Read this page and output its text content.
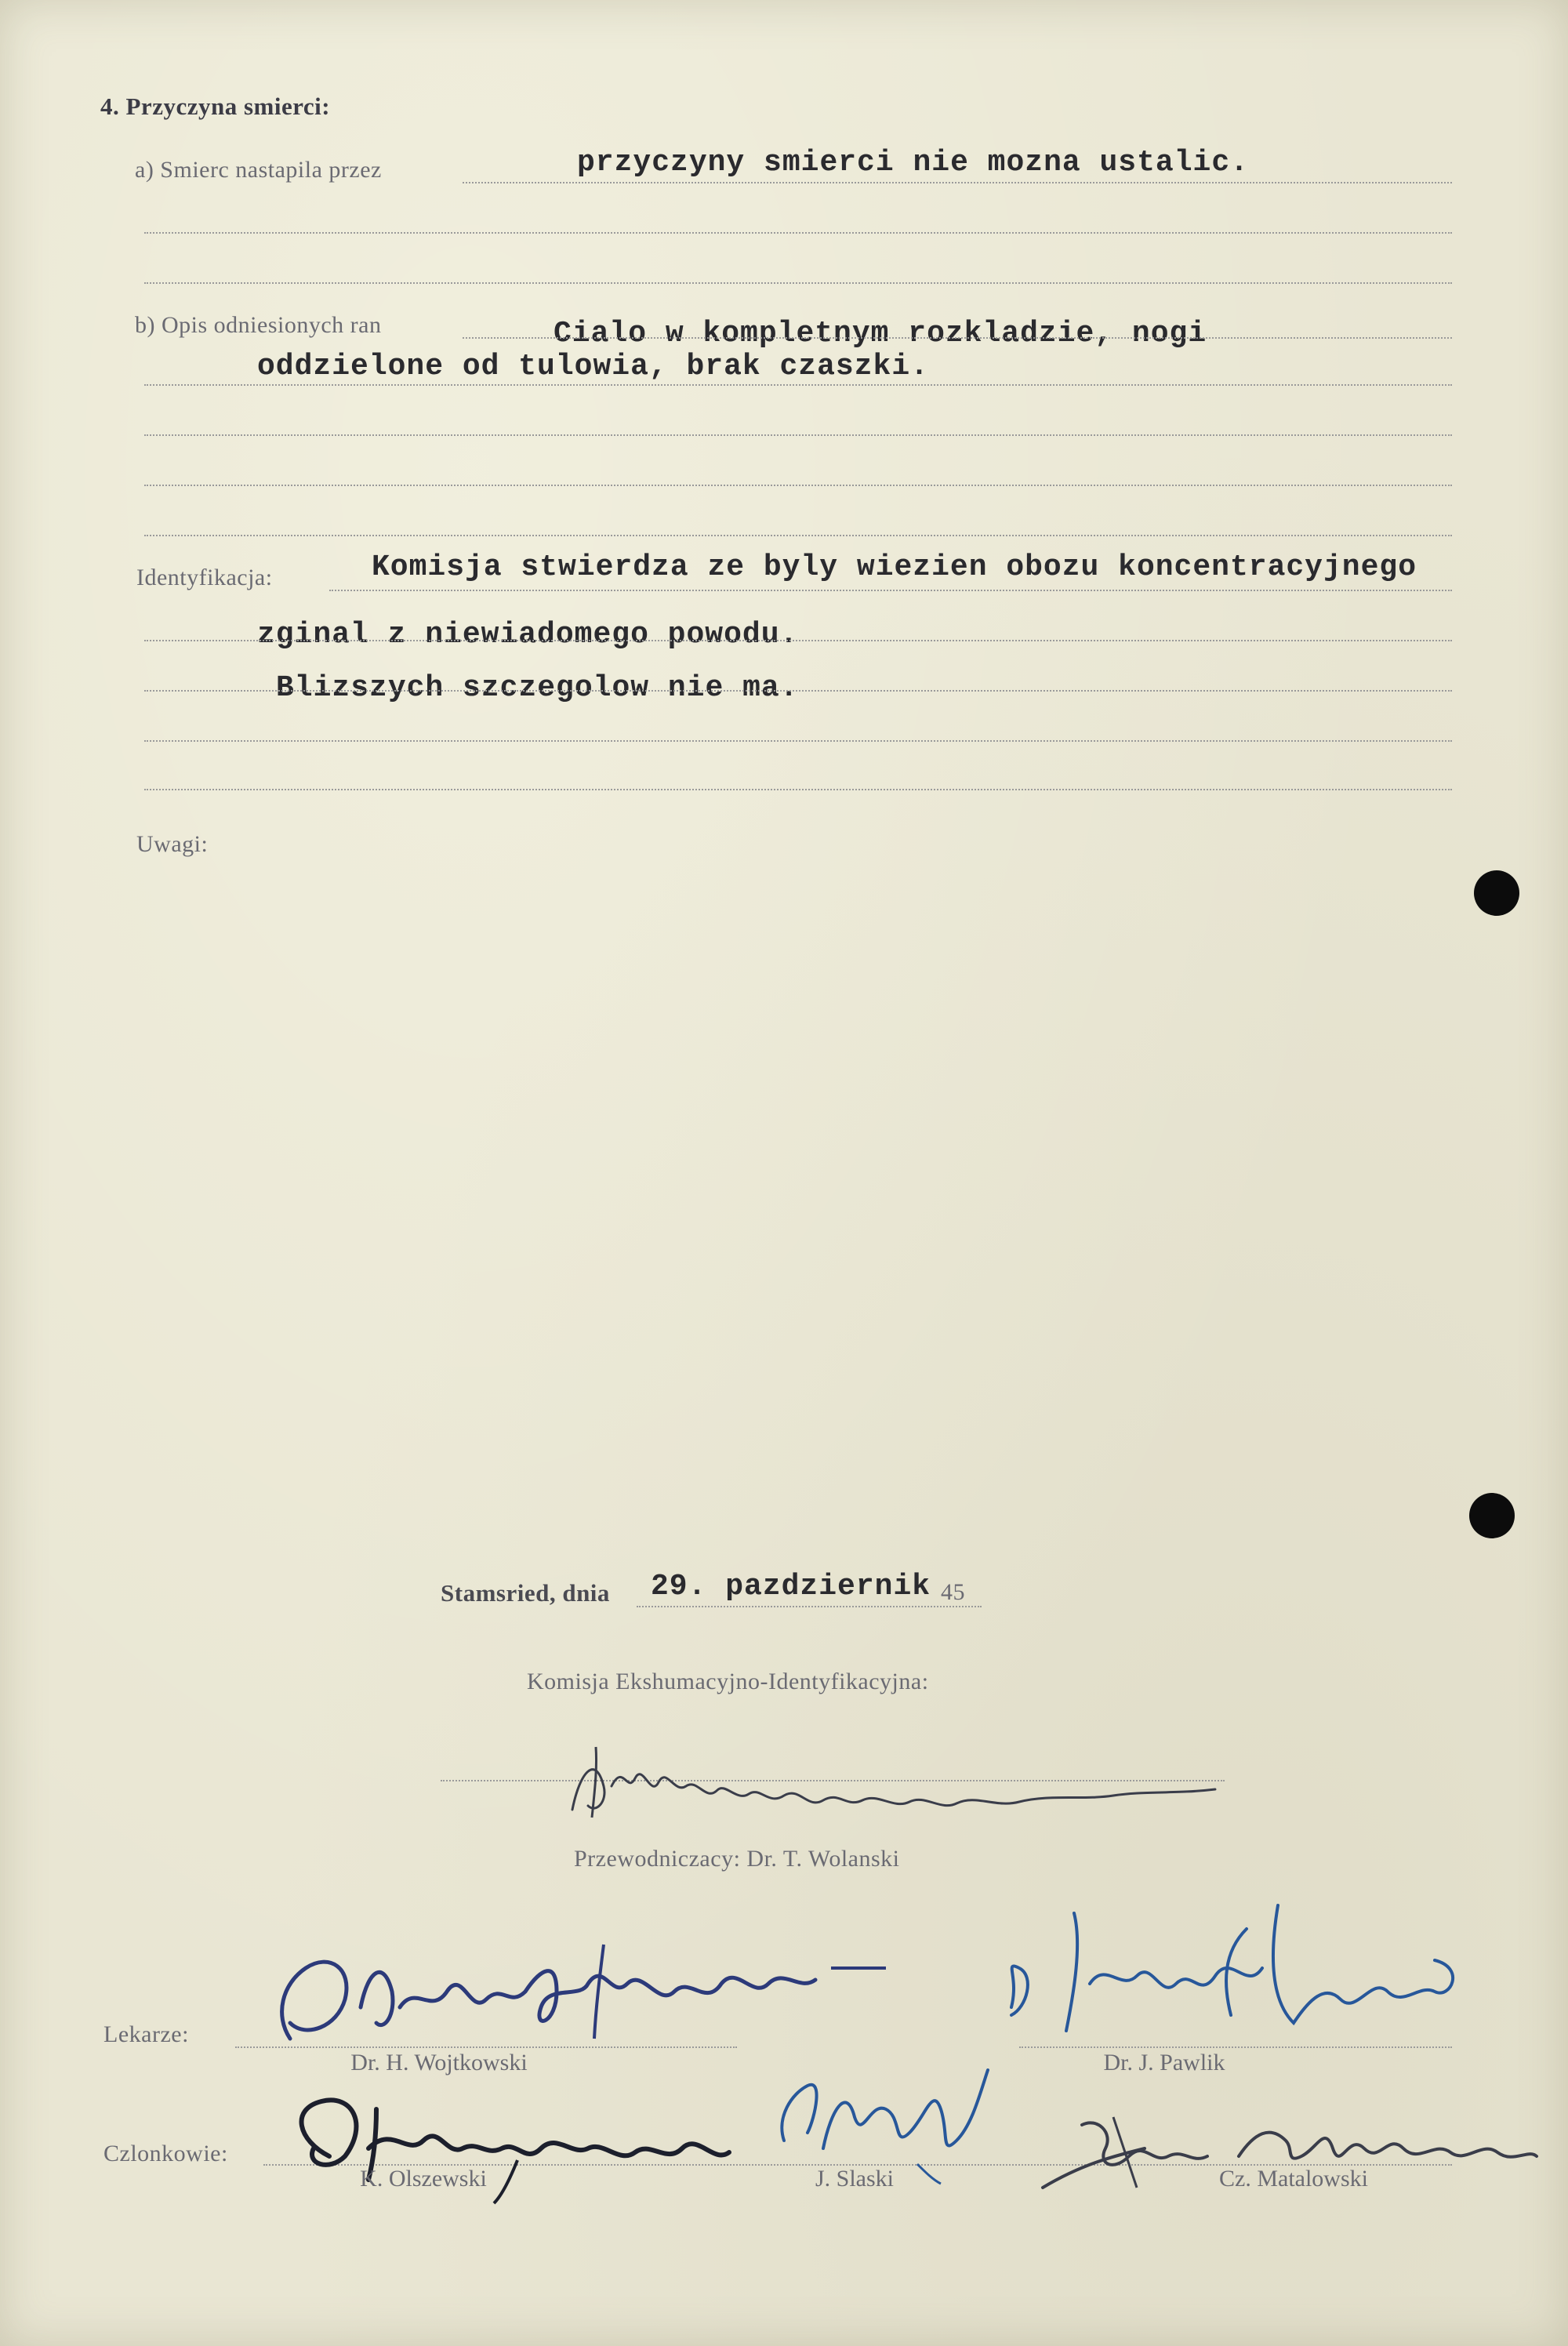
4. Przyczyna smierci:
a) Smierc nastapila przez	przyczyny smierci nie mozna ustalic.
b) Opis odniesionych ran	Cialo w kompletnym rozkladzie, nogi
oddzielone od tulowia, brak czaszki.
Identyfikacja:	Komisja stwierdza ze byly wiezien obozu koncentracyjnego
zginal z niewiadomego powodu.
Blizszych szczegolow nie ma.
Uwagi:
Stamsried, dnia 29. pazdziernik 45
Komisja Ekshumacyjno-Identyfikacyjna:
Przewodniczacy: Dr. T. Wolanski
Lekarze:
Dr. H. Wojtkowski	Dr. J. Pawlik
Czlonkowie:
K. Olszewski	J. Slaski	Cz. Matalowski
